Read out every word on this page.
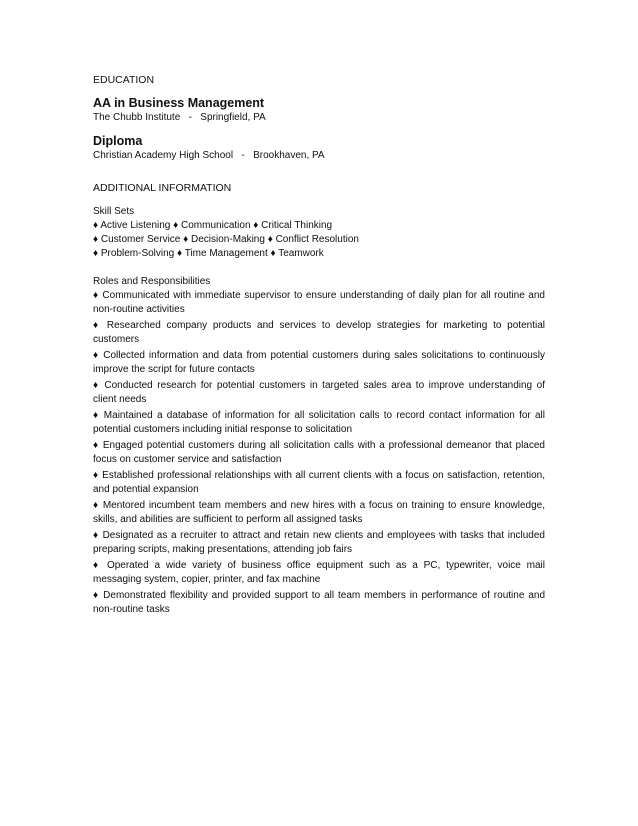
EDUCATION

AA in Business Management

The Chubb Institute   -   Springfield, PA

Diploma

Christian Academy High School   -   Brookhaven, PA

ADDITIONAL INFORMATION

Skill Sets

♦ Active Listening ♦ Communication ♦ Critical Thinking

♦ Customer Service ♦ Decision-Making ♦ Conflict Resolution

♦ Problem-Solving ♦ Time Management ♦ Teamwork

Roles and Responsibilities

♦ Communicated with immediate supervisor to ensure understanding of daily plan for all routine and non-routine activities
♦ Researched company products and services to develop strategies for marketing to potential customers
♦ Collected information and data from potential customers during sales solicitations to continuously improve the script for future contacts
♦ Conducted research for potential customers in targeted sales area to improve understanding of client needs
♦ Maintained a database of information for all solicitation calls to record contact information for all potential customers including initial response to solicitation
♦ Engaged potential customers during all solicitation calls with a professional demeanor that placed focus on customer service and satisfaction
♦ Established professional relationships with all current clients with a focus on satisfaction, retention, and potential expansion
♦ Mentored incumbent team members and new hires with a focus on training to ensure knowledge, skills, and abilities are sufficient to perform all assigned tasks
♦ Designated as a recruiter to attract and retain new clients and employees with tasks that included preparing scripts, making presentations, attending job fairs
♦ Operated a wide variety of business office equipment such as a PC, typewriter, voice mail messaging system, copier, printer, and fax machine
♦ Demonstrated flexibility and provided support to all team members in performance of routine and non-routine tasks
